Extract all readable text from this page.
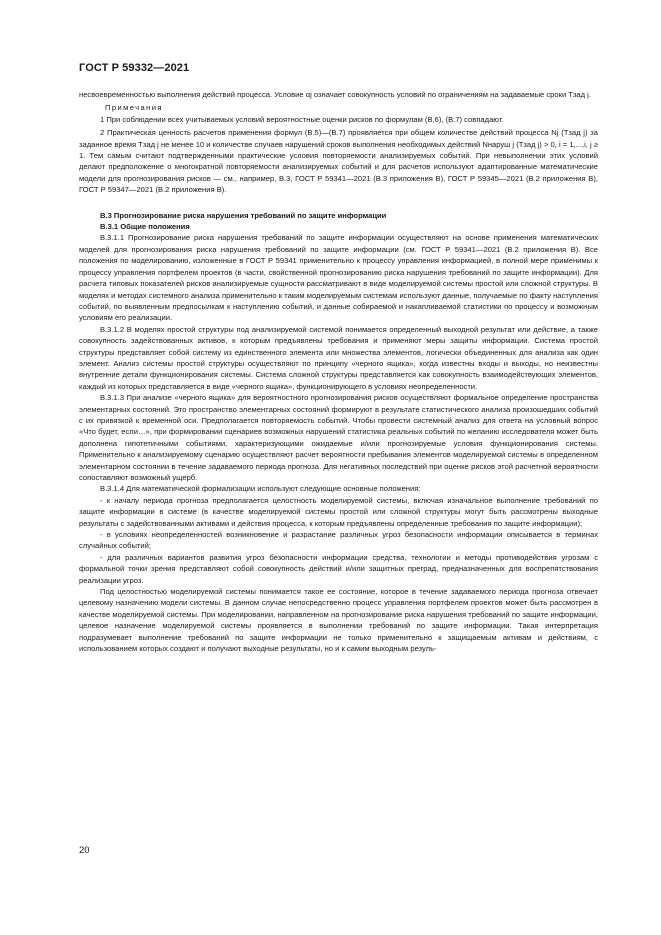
ГОСТ Р 59332—2021

несвоевременностью выполнения действий процесса. Условие αj означает совокупность условий по ограничениям на задаваемые сроки Tзад j.

Примечания

1 При соблюдении всех учитываемых условий вероятностные оценки рисков по формулам (В.6), (В.7) совпадают.

2 Практическая ценность расчетов применения формул (В.5)—(В.7) проявляется при общем количестве действий процесса Nj (Tзад j) за заданное время Tзад j не менее 10 и количестве случаев нарушений сроков выполнения необходимых действий Nнаруш j (Tзад j) > 0, i = 1,...,i, j ≥ 1. Тем самым считают подтвержденными практические условия повторяемости анализируемых событий. При невыполнении этих условий делают предположение о многократной повторяемости анализируемых событий и для расчетов используют адаптированные математические модели для прогнозирования рисков — см., например, В.3, ГОСТ Р 59341—2021 (В.3 приложения В), ГОСТ Р 59345—2021 (В.2 приложения В), ГОСТ Р 59347—2021 (В.2 приложения В).

В.3 Прогнозирование риска нарушения требований по защите информации
В.3.1 Общие положения

В.3.1.1 Прогнозирование риска нарушения требований по защите информации осуществляют на основе применения математических моделей для прогнозирования риска нарушения требований по защите информации (см. ГОСТ Р 59341—2021 (В.2 приложения В). Все положения по моделированию, изложенные в ГОСТ Р 59341 применительно к процессу управления информацией, в полной мере применимы к процессу управления портфелем проектов (в части, свойственной прогнозированию риска нарушения требований по защите информации). Для расчета типовых показателей рисков анализируемые сущности рассматривают в виде моделируемой системы простой или сложной структуры. В моделях и методах системного анализа применительно к таким моделируемым системам используют данные, получаемые по факту наступления событий, по выявленным предпосылкам к наступлению событий, и данные собираемой и накапливаемой статистики по процессу и возможным условиям его реализации.

В.3.1.2 В моделях простой структуры под анализируемой системой понимается определенный выходной результат или действие, а также совокупность задействованных активов, к которым предъявлены требования и применяют меры защиты информации. Система простой структуры представляет собой систему из единственного элемента или множества элементов, логически объединенных для анализа как один элемент. Анализ системы простой структуры осуществляют по принципу «черного ящика», когда известны входы и выходы, но неизвестны внутренние детали функционирования системы. Система сложной структуры представляется как совокупность взаимодействующих элементов, каждый из которых представляется в виде «черного ящика», функционирующего в условиях неопределенности.

В.3.1.3 При анализе «черного ящика» для вероятностного прогнозирования рисков осуществляют формальное определение пространства элементарных состояний. Это пространство элементарных состояний формируют в результате статистического анализа произошедших событий с их привязкой к временной оси. Предполагается повторяемость событий. Чтобы провести системный анализ для ответа на условный вопрос «Что будет, если…», при формировании сценариев возможных нарушений статистика реальных событий по желанию исследователя может быть дополнена гипотетичными событиями, характеризующими ожидаемые и/или прогнозируемые условия функционирования системы. Применительно к анализируемому сценарию осуществляют расчет вероятности пребывания элементов моделируемой системы в определенном элементарном состоянии в течение задаваемого периода прогноза. Для негативных последствий при оценке рисков этой расчетной вероятности сопоставляют возможный ущерб.

В.3.1.4 Для математической формализации используют следующие основные положения:

- к началу периода прогноза предполагается целостность моделируемой системы, включая изначальное выполнение требований по защите информации в системе (в качестве моделируемой системы простой или сложной структуры могут быть рассмотрены выходные результаты с задействованными активами и действия процесса, к которым предъявлены определенные требования по защите информации);

- в условиях неопределенностей возникновение и разрастание различных угроз безопасности информации описывается в терминах случайных событий;

- для различных вариантов развития угроз безопасности информации средства, технологии и методы противодействия угрозам с формальной точки зрения представляют собой совокупность действий и/или защитных преград, предназначенных для воспрепятствования реализации угроз.

Под целостностью моделируемой системы понимается такое ее состояние, которое в течение задаваемого периода прогноза отвечает целевому назначению модели системы. В данном случае непосредственно процесс управления портфелем проектов может быть рассмотрен в качестве моделируемой системы. При моделировании, направленном на прогнозирование риска нарушения требований по защите информации, целевое назначение моделируемой системы проявляется в выполнении требований по защите информации. Такая интерпретация подразумевает выполнение требований по защите информации не только применительно к защищаемым активам и действиям, с использованием которых создают и получают выходные результаты, но и к самим выходным резуль-

20
